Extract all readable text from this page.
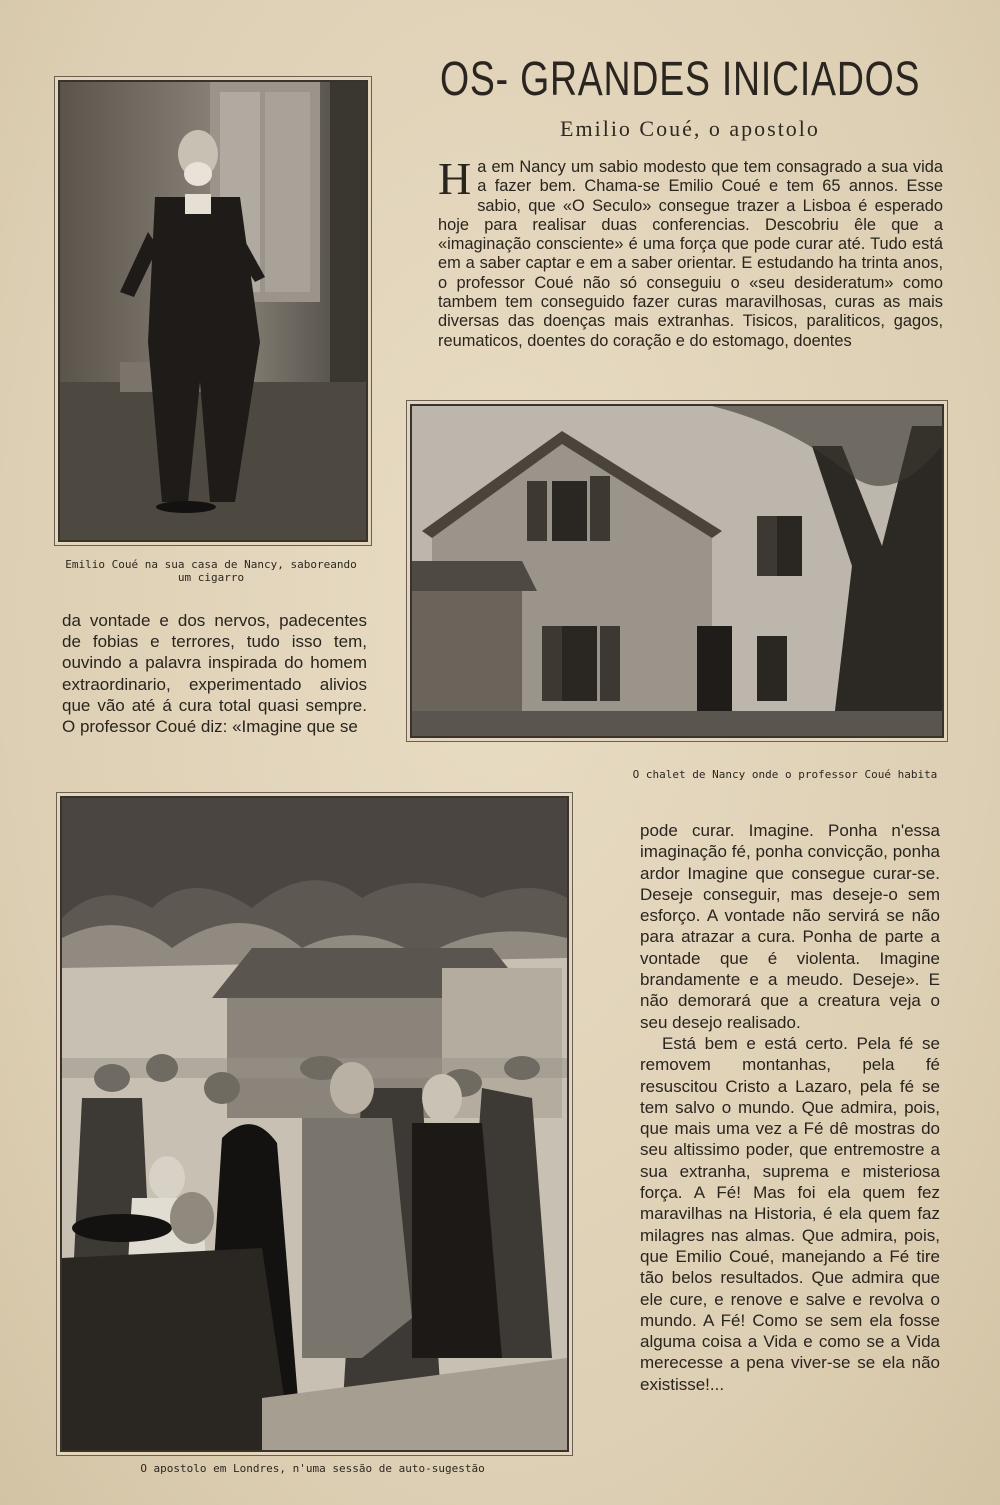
OS- GRANDES INICIADOS
Emilio Coué, o apostolo
Emilio Coué na sua casa de Nancy, saboreando um cigarro

Ha em Nancy um sabio modesto que tem consagrado a sua vida a fazer bem. Chama-se Emilio Coué e tem 65 annos. Esse sabio, que «O Seculo» consegue trazer a Lisboa é esperado hoje para realisar duas conferencias. Descobriu êle que a «imaginação consciente» é uma força que pode curar até. Tudo está em a saber captar e em a saber orientar. E estudando ha trinta anos, o professor Coué não só conseguiu o «seu desideratum» como tambem tem conseguido fazer curas maravilhosas, curas as mais diversas das doenças mais extranhas. Tisicos, paraliticos, gagos, reumaticos, doentes do coração e do estomago, doentes

O chalet de Nancy onde o professor Coué habita

da vontade e dos nervos, padecentes de fobias e terrores, tudo isso tem, ouvindo a palavra inspirada do homem extraordinario, experimentado alivios que vão até á cura total quasi sempre. O professor Coué diz: «Imagine que se

O apostolo em Londres, n'uma sessão de auto-sugestão

pode curar. Imagine. Ponha n'essa imaginação fé, ponha convicção, ponha ardor Imagine que consegue curar-se. Deseje conseguir, mas deseje-o sem esforço. A vontade não servirá se não para atrazar a cura. Ponha de parte a vontade que é violenta. Imagine brandamente e a meudo. Deseje». E não demorará que a creatura veja o seu desejo realisado.

Está bem e está certo. Pela fé se removem montanhas, pela fé resuscitou Cristo a Lazaro, pela fé se tem salvo o mundo. Que admira, pois, que mais uma vez a Fé dê mostras do seu altissimo poder, que entremostre a sua extranha, suprema e misteriosa força. A Fé! Mas foi ela quem fez maravilhas na Historia, é ela quem faz milagres nas almas. Que admira, pois, que Emilio Coué, manejando a Fé tire tão belos resultados. Que admira que ele cure, e renove e salve e revolva o mundo. A Fé! Como se sem ela fosse alguma coisa a Vida e como se a Vida merecesse a pena viver-se se ela não existisse!...
